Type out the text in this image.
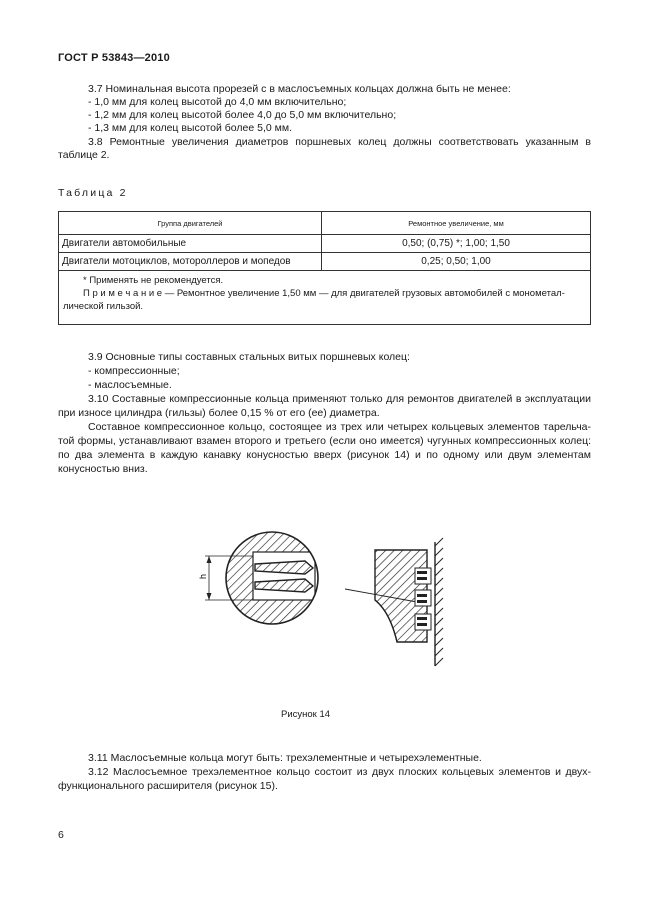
ГОСТ Р 53843—2010
3.7 Номинальная высота прорезей с в маслосъемных кольцах должна быть не менее:
- 1,0 мм для колец высотой до 4,0 мм включительно;
- 1,2 мм для колец высотой более 4,0 до 5,0 мм включительно;
- 1,3 мм для колец высотой более 5,0 мм.
3.8 Ремонтные увеличения диаметров поршневых колец должны соответствовать указанным в
таблице 2.
Таблица 2
Группа двигателей	Ремонтное увеличение, мм
Двигатели автомобильные	0,50; (0,75) *; 1,00; 1,50
Двигатели мотоциклов, мотороллеров и мопедов	0,25; 0,50; 1,00

* Применять не рекомендуется.
П р и м е ч а н и е — Ремонтное увеличение 1,50 мм — для двигателей грузовых автомобилей с монометал-
лической гильзой.	
3.9 Основные типы составных стальных витых поршневых колец:
- компрессионные;
- маслосъемные.
3.10 Составные компрессионные кольца применяют только для ремонтов двигателей в эксплуатации
при износе цилиндра (гильзы) более 0,15 % от его (ее) диаметра.
Составное компрессионное кольцо, состоящее из трех или четырех кольцевых элементов тарельча-
той формы, устанавливают взамен второго и третьего (если оно имеется) чугунных компрессионных колец:
по два элемента в каждую канавку конусностью вверх (рисунок 14) и по одному или двум элементам
конусностью вниз.
h
Рисунок 14
3.11 Маслосъемные кольца могут быть: трехэлементные и четырехэлементные.
3.12 Маслосъемное трехэлементное кольцо состоит из двух плоских кольцевых элементов и двух-
функционального расширителя (рисунок 15).
6
